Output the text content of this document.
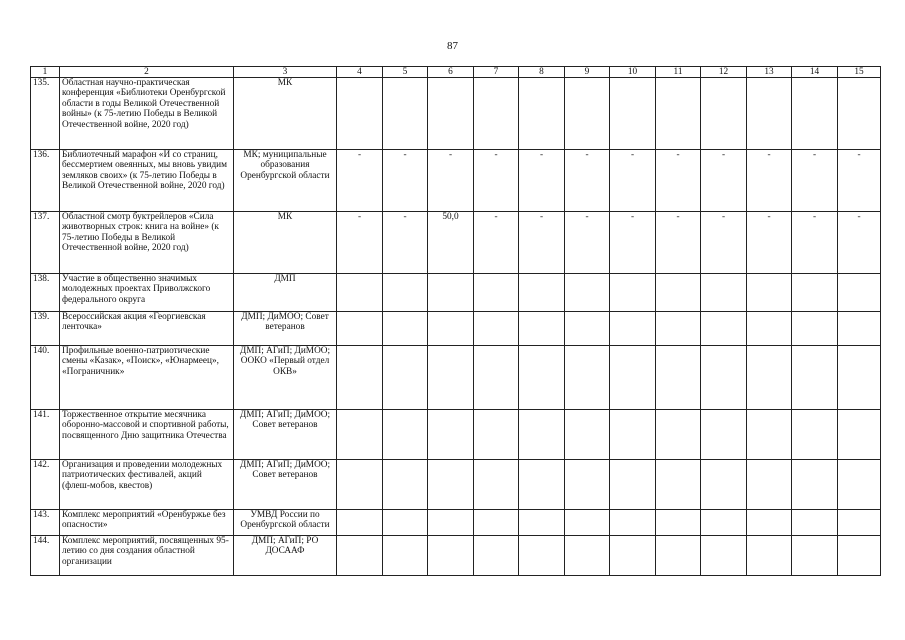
87
1	2	3	4	5	6	7	8	9	10	11	12	13	14	15
135.	Областная научно-практическая конференция «Библиотеки Оренбургской области в годы Великой Отечественной войны» (к 75-летию Победы в Великой Отечественной войне, 2020 год)	МК												
136.	Библиотечный марафон «И со страниц, бессмертием овеянных, мы вновь увидим земляков своих» (к 75-летию Победы в Великой Отечественной войне, 2020 год)	МК; муниципальные образования Оренбургской области	-	-	-	-	-	-	-	-	-	-	-	-
137.	Областной смотр буктрейлеров «Сила животворных строк: книга на войне» (к 75-летию Победы в Великой Отечественной войне, 2020 год)	МК	-	-	50,0	-	-	-	-	-	-	-	-	-
138.	Участие в общественно значимых молодежных проектах Приволжского федерального округа	ДМП												
139.	Всероссийская акция «Георгиевская ленточка»	ДМП; ДиМОО; Совет ветеранов												
140.	Профильные военно-патриотические смены «Казак», «Поиск», «Юнармеец», «Пограничник»	ДМП; АГиП; ДиМОО; ООКО «Первый отдел ОКВ»												
141.	Торжественное открытие месячника оборонно-массовой и спортивной работы, посвященного Дню защитника Отечества	ДМП; АГиП; ДиМОО; Совет ветеранов												
142.	Организация и проведении молодежных патриотических фестивалей, акций (флеш-мобов, квестов)	ДМП; АГиП; ДиМОО; Совет ветеранов												
143.	Комплекс мероприятий «Оренбуржье без опасности»	УМВД России по Оренбургской области												
144.	Комплекс мероприятий, посвященных 95-летию со дня создания областной организации	ДМП; АГиП; РО ДОСААФ												
